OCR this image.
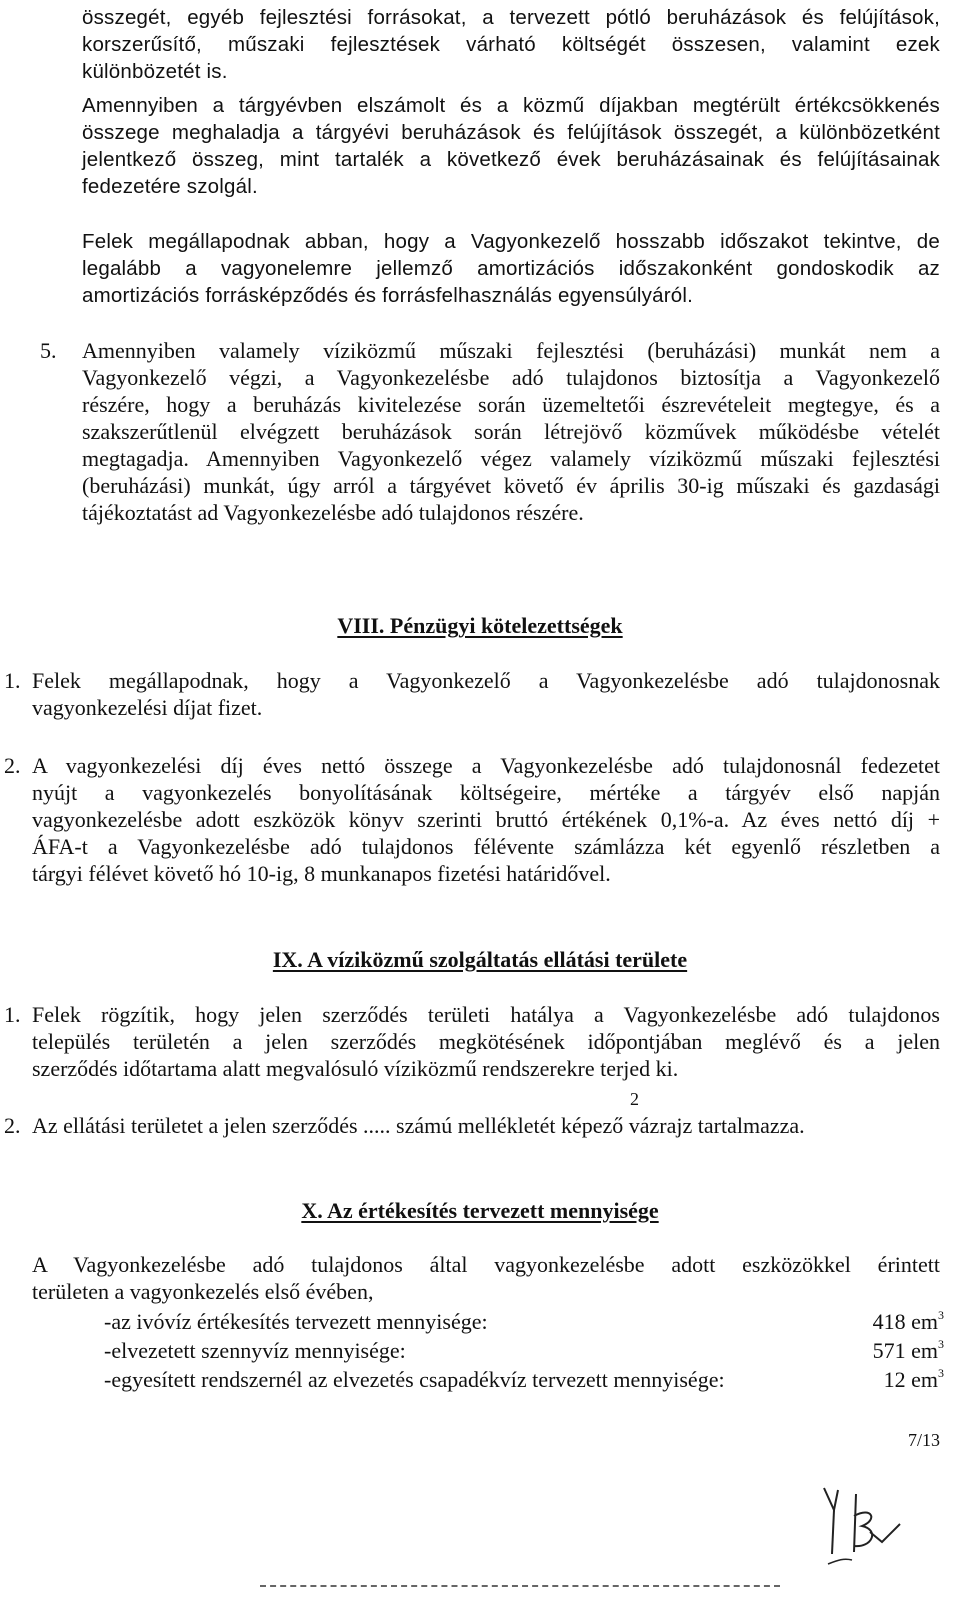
összegét, egyéb fejlesztési forrásokat, a tervezett pótló beruházások és felújítások,
korszerűsítő, műszaki fejlesztések várható költségét összesen, valamint ezek
különbözetét is.
Amennyiben a tárgyévben elszámolt és a közmű díjakban megtérült értékcsökkenés
összege meghaladja a tárgyévi beruházások és felújítások összegét, a különbözetként
jelentkező összeg, mint tartalék a következő évek beruházásainak és felújításainak
fedezetére szolgál.
Felek megállapodnak abban, hogy a Vagyonkezelő hosszabb időszakot tekintve, de
legalább a vagyonelemre jellemző amortizációs időszakonként gondoskodik az
amortizációs forrásképződés és forrásfelhasználás egyensúlyáról.
5. Amennyiben valamely víziközmű műszaki fejlesztési (beruházási) munkát nem a
Vagyonkezelő végzi, a Vagyonkezelésbe adó tulajdonos biztosítja a Vagyonkezelő
részére, hogy a beruházás kivitelezése során üzemeltetői észrevételeit megtegye, és a
szakszerűtlenül elvégzett beruházások során létrejövő közművek működésbe vételét
megtagadja. Amennyiben Vagyonkezelő végez valamely víziközmű műszaki fejlesztési
(beruházási) munkát, úgy arról a tárgyévet követő év április 30-ig műszaki és gazdasági
tájékoztatást ad Vagyonkezelésbe adó tulajdonos részére.
VIII. Pénzügyi kötelezettségek
1. Felek megállapodnak, hogy a Vagyonkezelő a Vagyonkezelésbe adó tulajdonosnak
vagyonkezelési díjat fizet.
2. A vagyonkezelési díj éves nettó összege a Vagyonkezelésbe adó tulajdonosnál fedezetet
nyújt a vagyonkezelés bonyolításának költségeire, mértéke a tárgyév első napján
vagyonkezelésbe adott eszközök könyv szerinti bruttó értékének 0,1%-a. Az éves nettó díj +
ÁFA-t a Vagyonkezelésbe adó tulajdonos félévente számlázza két egyenlő részletben a
tárgyi félévet követő hó 10-ig, 8 munkanapos fizetési határidővel.
IX. A víziközmű szolgáltatás ellátási területe
1. Felek rögzítik, hogy jelen szerződés területi hatálya a Vagyonkezelésbe adó tulajdonos
település területén a jelen szerződés megkötésének időpontjában meglévő és a jelen
szerződés időtartama alatt megvalósuló víziközmű rendszerekre terjed ki.
2
2. Az ellátási területet a jelen szerződés ..... számú mellékletét képező vázrajz tartalmazza.
X. Az értékesítés tervezett mennyisége
A Vagyonkezelésbe adó tulajdonos által vagyonkezelésbe adott eszközökkel érintett
területen a vagyonkezelés első évében,
-az ivóvíz értékesítés tervezett mennyisége:	418 $em^3$
-elvezetett szennyvíz mennyisége:	571 $em^3$
-egyesített rendszernél az elvezetés csapadékvíz tervezett mennyisége:	12 $em^3$
7/13
